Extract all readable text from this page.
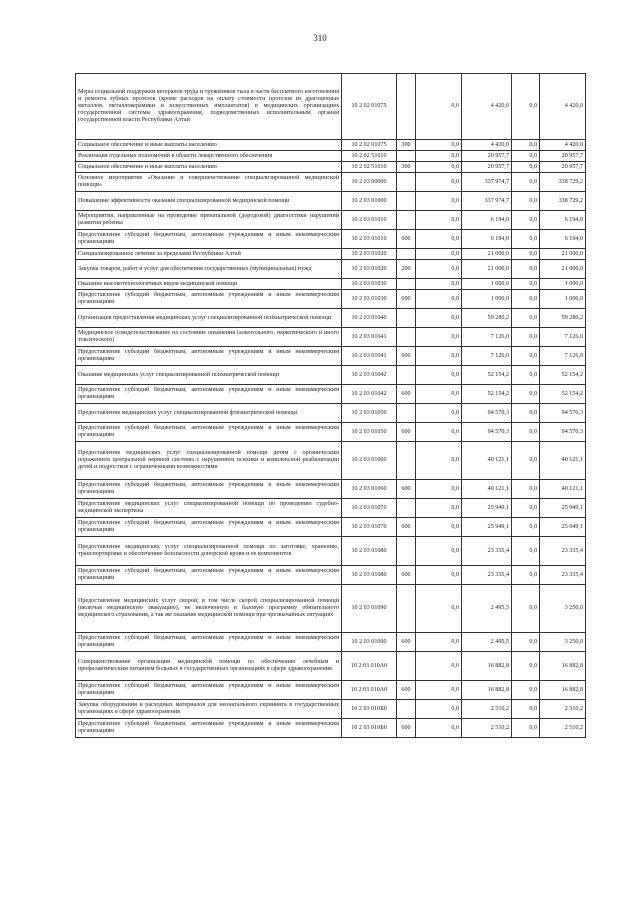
310
Меры социальной поддержки ветеранов труда и тружеников тыла в части бесплатного изготовления и ремонта зубных протезов (кроме расходов на оплату стоимости протезов из драгоценных металлов, металлокерамики и искусственных имплантатов) в медицинских организациях государственной системы здравоохранения, подведомственных исполнительным органам государственной власти Республики Алтай	10 2 02 01075		0,0	4 420,0	0,0	4 420,0
Социальное обеспечение и иные выплаты населению	10 2 02 01075	300	0,0	4 420,0	0,0	4 420,0
Реализация отдельных полномочий в области лекарственного обеспечения	10 2 02 51610		0,0	20 957,7	0,0	20 957,7
Социальное обеспечение и иные выплаты населению	10 2 02 51610	300	0,0	20 957,7	0,0	20 957,7
Основное мероприятие «Оказание и совершенствование специализированной медицинской помощи»	10 2 03 00000		0,0	337 974,7	0,0	338 729,2
Повышение эффективности оказания специализированной медицинской помощи	10 2 03 01000		0,0	337 974,7	0,0	338 729,2
Мероприятия, направленные на проведение пренатальной (дородовой) диагностики нарушений развития ребенка	10 2 03 01010		0,0	6 194,0	0,0	6 194,0
Предоставление субсидий бюджетным, автономным учреждениям и иным некоммерческим организациям	10 2 03 01010	600	0,0	6 194,0	0,0	6 194,0
Специализированное лечение за пределами Республики Алтай	10 2 03 01020		0,0	21 000,0	0,0	21 000,0
Закупка товаров, работ и услуг для обеспечения государственных (муниципальных) нужд	10 2 03 01020	200	0,0	21 000,0	0,0	21 000,0
Оказание высокотехнологичных видов медицинской помощи	10 2 03 01030		0,0	1 000,0	0,0	1 000,0
Предоставление субсидий бюджетным, автономным учреждениям и иным некоммерческим организациям	10 2 03 01030	600	0,0	1 000,0	0,0	1 000,0
Организация предоставления медицинских услуг специализированной психиатрической помощи	10 2 03 01040		0,0	59 280,2	0,0	59 280,2
Медицинское освидетельствование на состояние опьянения (алкогольного, наркотического и иного токсического)	10 2 03 01041		0,0	7 126,0	0,0	7 126,0
Предоставление субсидий бюджетным, автономным учреждениям и иным некоммерческим организациям	10 2 03 01041	600	0,0	7 126,0	0,0	7 126,0
Оказание медицинских услуг специализированной психиатрической помощи	10 2 03 01042		0,0	52 154,2	0,0	52 154,2
Предоставление субсидий бюджетным, автономным учреждениям и иным некоммерческим организациям	10 2 03 01042	600	0,0	52 154,2	0,0	52 154,2
Предоставление медицинских услуг специализированной фтизиатрической помощи	10 2 03 01050		0,0	94 570,3	0,0	94 570,3
Предоставление субсидий бюджетным, автономным учреждениям и иным некоммерческим организациям	10 2 03 01050	600	0,0	94 570,3	0,0	94 570,3
Предоставление медицинских услуг специализированной помощи детям с органическим поражением центральной нервной системы с нарушением психики и комплексной реабилитации детей и подростков с ограниченными возможностями	10 2 03 01060		0,0	40 121,1	0,0	40 121,1
Предоставление субсидий бюджетным, автономным учреждениям и иным некоммерческим организациям	10 2 03 01060	600	0,0	40 121,1	0,0	40 121,1
Предоставление медицинских услуг специализированной помощи по проведению судебно-медицинской экспертизы	10 2 03 01070		0,0	25 949,1	0,0	25 949,1
Предоставление субсидий бюджетным, автономным учреждениям и иным некоммерческим организациям	10 2 03 01070	600	0,0	25 949,1	0,0	25 949,1
Предоставление медицинских услуг специализированной помощи по заготовке, хранению, транспортировке и обеспечению безопасности донорской крови и ее компонентов	10 2 03 01080		0,0	23 335,4	0,0	23 335,4
Предоставление субсидий бюджетным, автономным учреждениям и иным некоммерческим организациям	10 2 03 01080	600	0,0	23 335,4	0,0	23 335,4
Предоставление медицинских услуг скорой, в том числе скорой специализированной помощи (включая медицинскую эвакуацию), не включенную в базовую программу обязательного медицинского страхования, а так же оказание медицинской помощи при чрезвычайных ситуациях	10 2 03 01090		0,0	2 495,5	0,0	3 250,0
Предоставление субсидий бюджетным, автономным учреждениям и иным некоммерческим организациям	10 2 03 01090	600	0,0	2 495,5	0,0	3 250,0
Совершенствование организации медицинской помощи по обеспечению лечебным и профилактическим питанием больных в государственных организациях в сфере здравоохранения	10 2 03 010А0		0,0	16 882,8	0,0	16 882,8
Предоставление субсидий бюджетным, автономным учреждениям и иным некоммерческим организациям	10 2 03 010А0	600	0,0	16 882,8	0,0	16 882,8
Закупка оборудования и расходных материалов для неонатального скрининга в государственных организациях в сфере здравоохранения	10 2 03 010Б0		0,0	2 510,2	0,0	2 510,2
Предоставление субсидий бюджетным, автономным учреждениям и иным некоммерческим организациям	10 2 03 010Б0	600	0,0	2 510,2	0,0	2 510,2
